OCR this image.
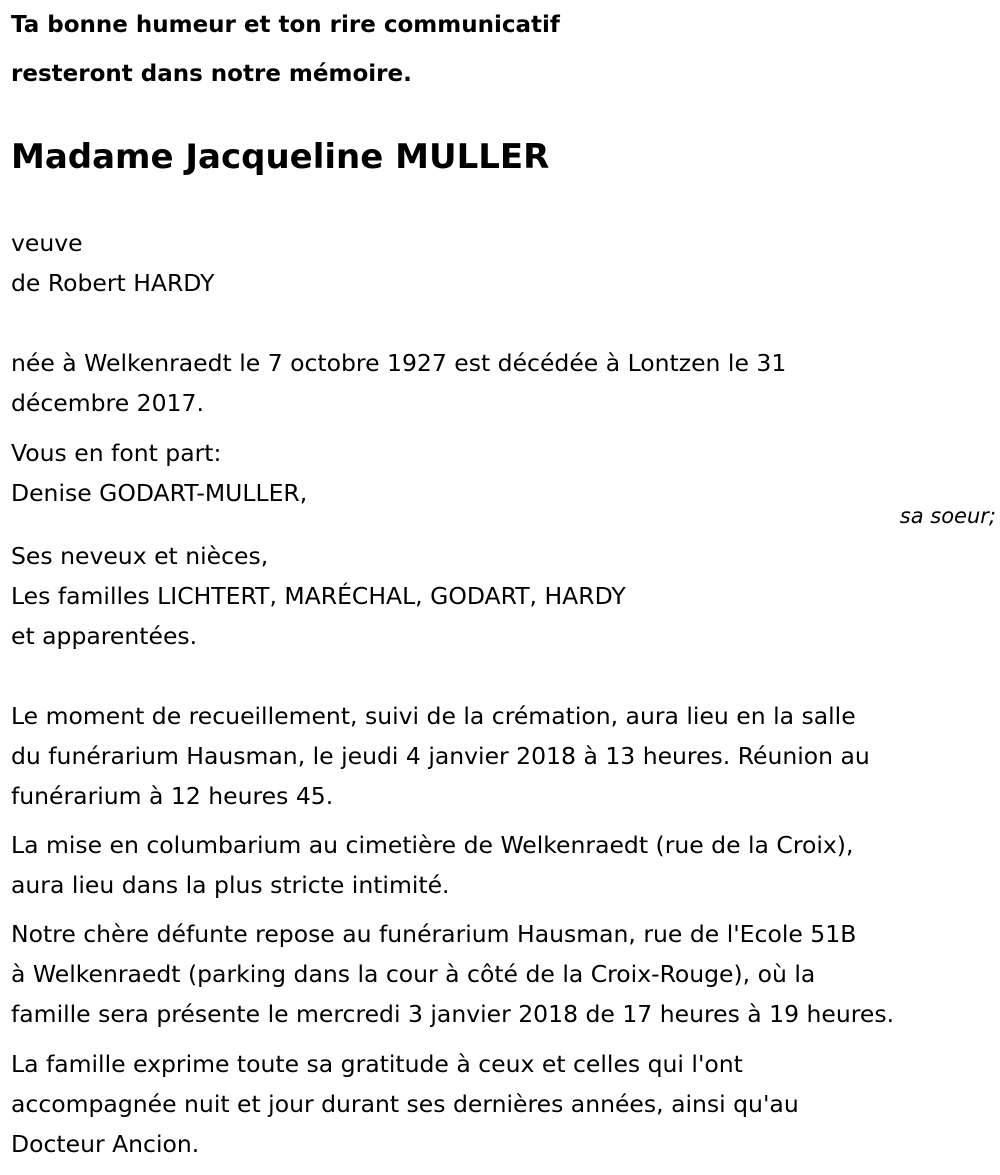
Ta bonne humeur et ton rire communicatif
resteront dans notre mémoire.
Madame Jacqueline MULLER
veuve
de Robert HARDY
née à Welkenraedt le 7 octobre 1927 est décédée à Lontzen le 31
décembre 2017.
Vous en font part:
Denise GODART-MULLER,
Ses neveux et nièces,
Les familles LICHTERT, MARÉCHAL, GODART, HARDY
et apparentées.
Le moment de recueillement, suivi de la crémation, aura lieu en la salle
du funérarium Hausman, le jeudi 4 janvier 2018 à 13 heures. Réunion au
funérarium à 12 heures 45.
La mise en columbarium au cimetière de Welkenraedt (rue de la Croix),
aura lieu dans la plus stricte intimité.
Notre chère défunte repose au funérarium Hausman, rue de l'Ecole 51B
à Welkenraedt (parking dans la cour à côté de la Croix-Rouge), où la
famille sera présente le mercredi 3 janvier 2018 de 17 heures à 19 heures.
La famille exprime toute sa gratitude à ceux et celles qui l'ont
accompagnée nuit et jour durant ses dernières années, ainsi qu'au
Docteur Ancion.
sa soeur;
